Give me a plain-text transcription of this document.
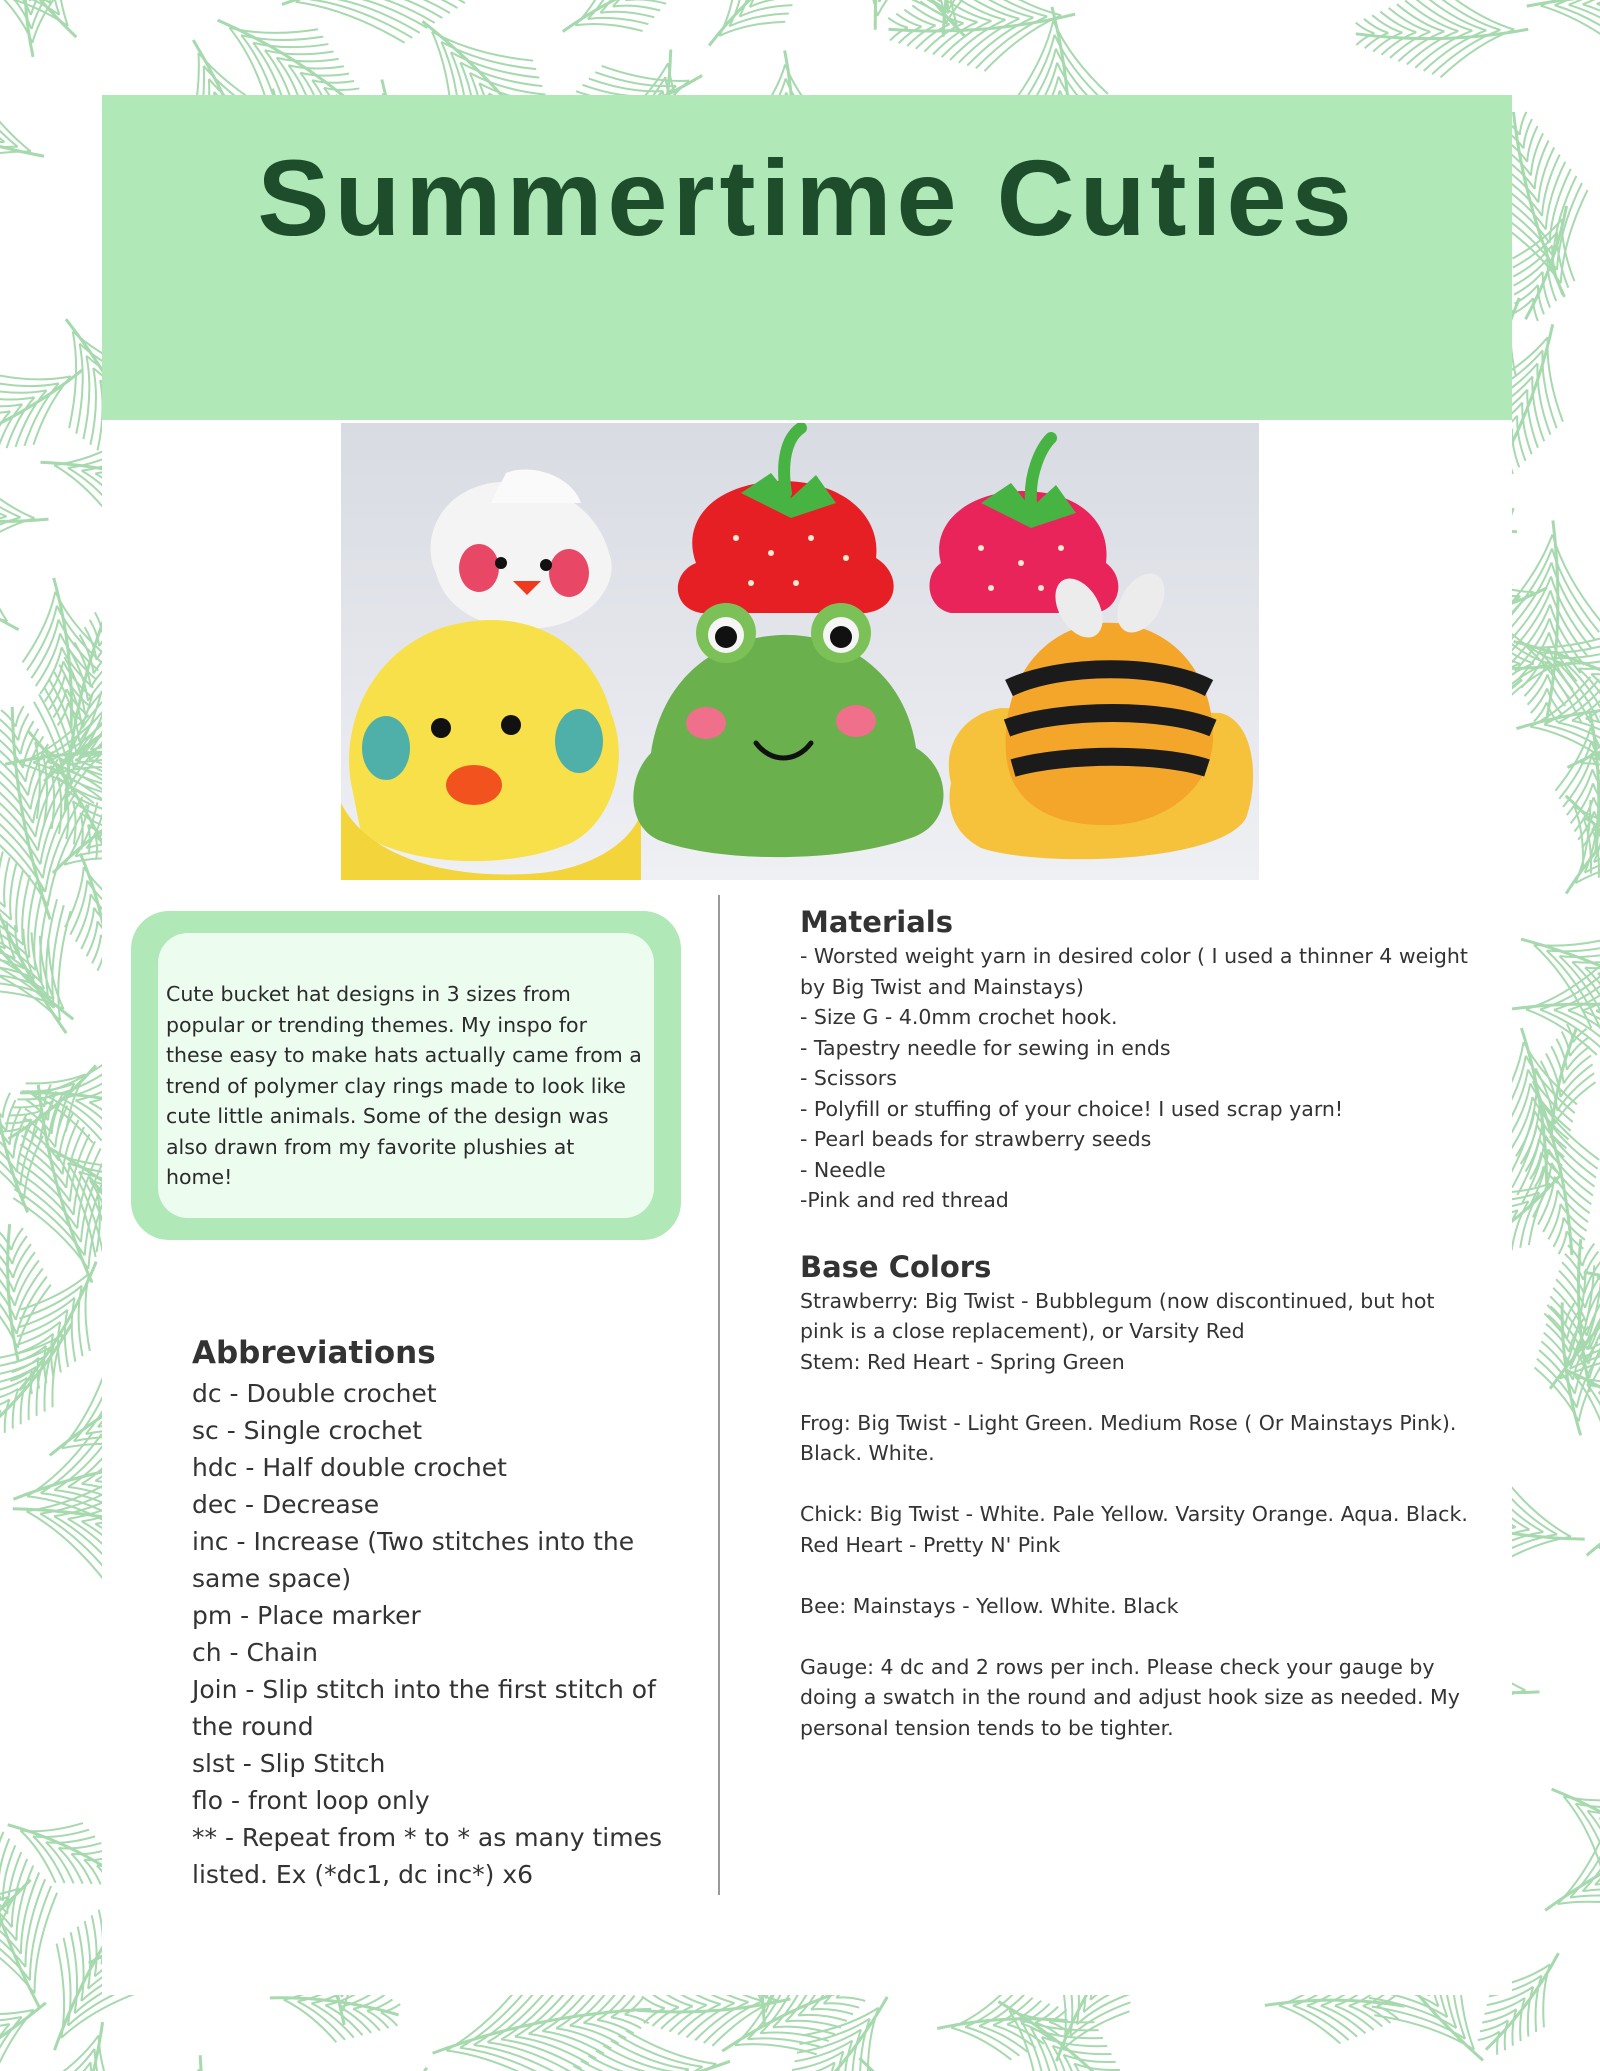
Summertime Cuties

Cute bucket hat designs in 3 sizes from popular or trending themes. My inspo for these easy to make hats actually came from a trend of polymer clay rings made to look like cute little animals. Some of the design was also drawn from my favorite plushies at home!

Abbreviations
dc - Double crochet
sc - Single crochet
hdc - Half double crochet
dec - Decrease
inc - Increase (Two stitches into the same space)
pm - Place marker
ch - Chain
Join - Slip stitch into the first stitch of the round
slst - Slip Stitch
flo - front loop only
** - Repeat from * to * as many times listed. Ex (*dc1, dc inc*) x6
Materials
- Worsted weight yarn in desired color ( I used a thinner 4 weight by Big Twist and Mainstays)
- Size G - 4.0mm crochet hook.
- Tapestry needle for sewing in ends
- Scissors
- Polyfill or stuffing of your choice! I used scrap yarn!
- Pearl beads for strawberry seeds
- Needle
-Pink and red thread
Base Colors

Strawberry: Big Twist - Bubblegum (now discontinued, but hot pink is a close replacement), or Varsity Red

Stem: Red Heart - Spring Green

Frog: Big Twist - Light Green. Medium Rose ( Or Mainstays Pink). Black. White.

Chick: Big Twist - White. Pale Yellow. Varsity Orange. Aqua. Black.

Red Heart - Pretty N' Pink

Bee: Mainstays - Yellow. White. Black

Gauge: 4 dc and 2 rows per inch. Please check your gauge by doing a swatch in the round and adjust hook size as needed. My personal tension tends to be tighter.
